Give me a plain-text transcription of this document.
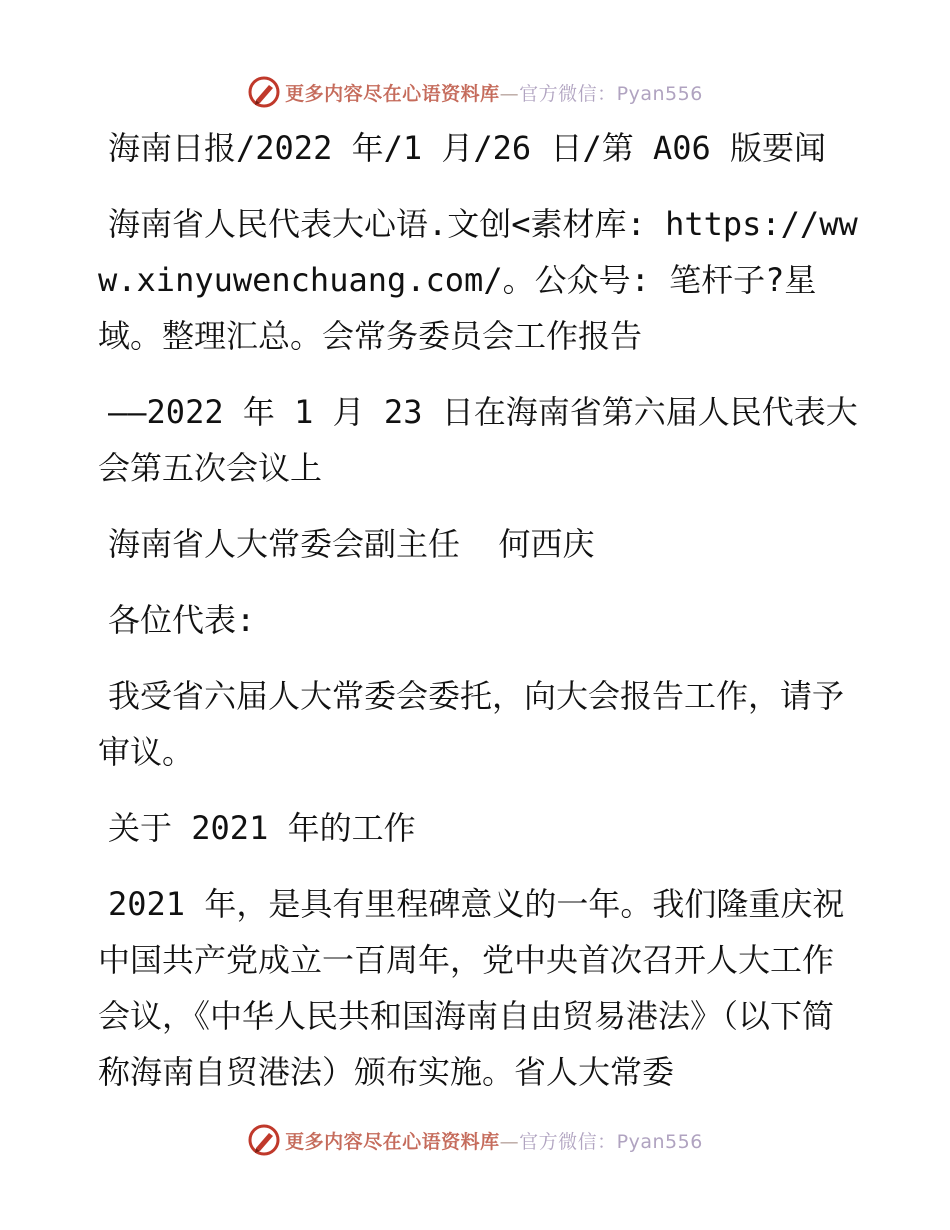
更多内容尽在心语资料库—官方微信：Pyan556

海南日报/2022 年/1 月/26 日/第 A06 版要闻

海南省人民代表大心语.文创<素材库: https://www.xinyuwenchuang.com/。公众号: 笔杆子?星域。整理汇总。会常务委员会工作报告

——2022 年 1 月 23 日在海南省第六届人民代表大会第五次会议上

海南省人大常委会副主任  何西庆

各位代表:

我受省六届人大常委会委托，向大会报告工作，请予审议。

关于 2021 年的工作

2021 年，是具有里程碑意义的一年。我们隆重庆祝中国共产党成立一百周年，党中央首次召开人大工作会议，《中华人民共和国海南自由贸易港法》（以下简称海南自贸港法）颁布实施。省人大常委

更多内容尽在心语资料库—官方微信：Pyan556
